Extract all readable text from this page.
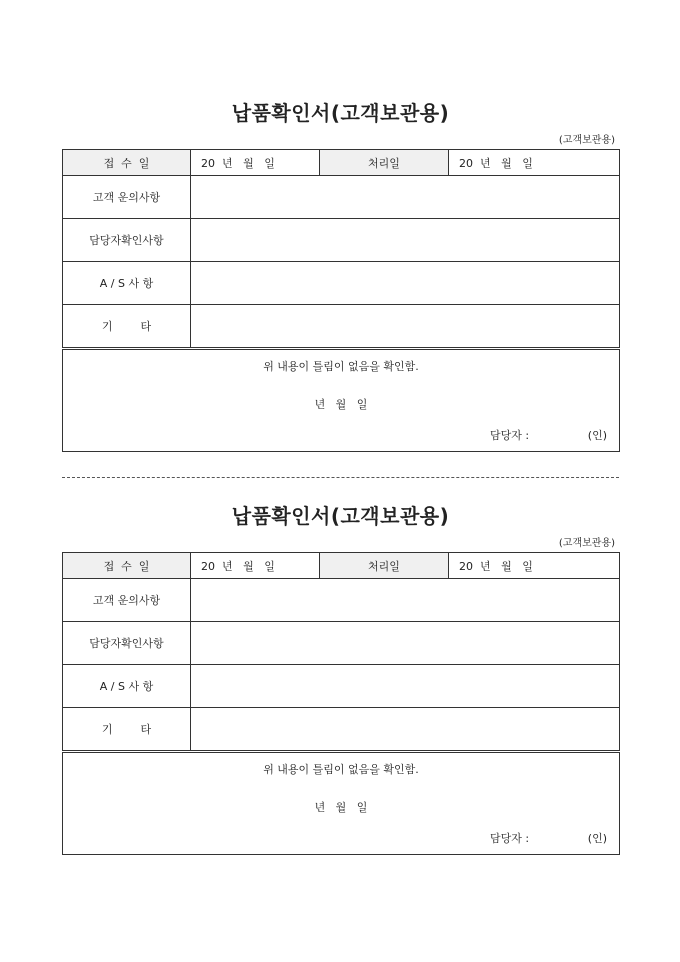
납품확인서(고객보관용)
(고객보관용)
접  수  일	20  년   월   일	처리일	20  년   월   일
고객 운의사항			
담당자확인사항			
A / S 사 항			
기        타			

위 내용이 틀림이 없음을 확인함.
년   월   일
담당자 : (인)			
납품확인서(고객보관용)
(고객보관용)
접  수  일	20  년   월   일	처리일	20  년   월   일
고객 운의사항			
담당자확인사항			
A / S 사 항			
기        타			

위 내용이 틀림이 없음을 확인함.
년   월   일
담당자 : (인)			
